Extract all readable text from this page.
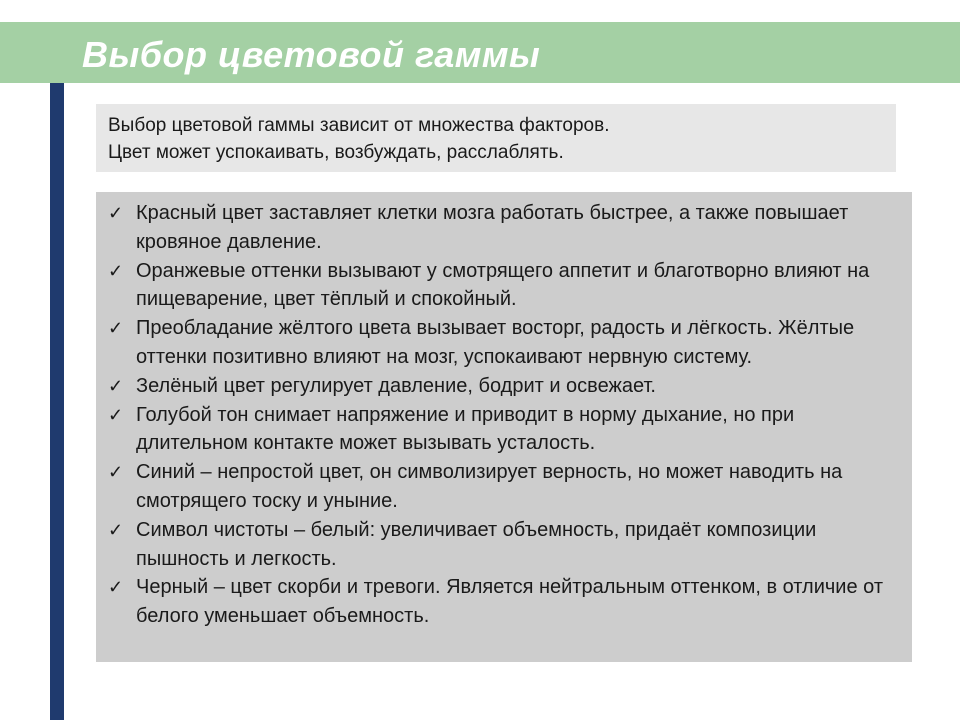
Выбор цветовой гаммы
Выбор цветовой гаммы зависит от множества факторов.
Цвет может успокаивать, возбуждать, расслаблять.
✓ Красный цвет заставляет клетки мозга работать быстрее, а также повышает кровяное давление.
✓ Оранжевые оттенки вызывают у смотрящего аппетит и благотворно влияют на пищеварение, цвет тёплый и спокойный.
✓ Преобладание жёлтого цвета вызывает восторг, радость и лёгкость. Жёлтые оттенки позитивно влияют на мозг, успокаивают нервную систему.
✓ Зелёный цвет регулирует давление, бодрит и освежает.
✓ Голубой тон снимает напряжение и приводит в норму дыхание, но при длительном контакте может вызывать усталость.
✓ Синий – непростой цвет, он символизирует верность, но может наводить на смотрящего тоску и уныние.
✓ Символ чистоты – белый: увеличивает объемность, придаёт композиции пышность и легкость.
✓ Черный – цвет скорби и тревоги. Является нейтральным оттенком, в отличие от белого уменьшает объемность.
